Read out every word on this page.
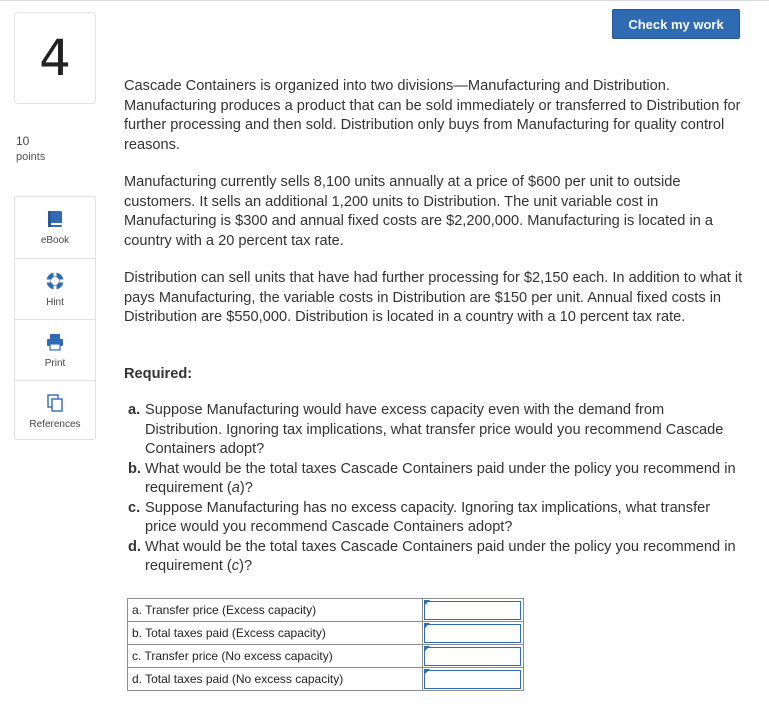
Check my work
4
10
points
eBook
Hint
Print
References

Cascade Containers is organized into two divisions—Manufacturing and Distribution. Manufacturing produces a product that can be sold immediately or transferred to Distribution for further processing and then sold. Distribution only buys from Manufacturing for quality control reasons.

Manufacturing currently sells 8,100 units annually at a price of $600 per unit to outside customers. It sells an additional 1,200 units to Distribution. The unit variable cost in Manufacturing is $300 and annual fixed costs are $2,200,000. Manufacturing is located in a country with a 20 percent tax rate.

Distribution can sell units that have had further processing for $2,150 each. In addition to what it pays Manufacturing, the variable costs in Distribution are $150 per unit. Annual fixed costs in Distribution are $550,000. Distribution is located in a country with a 10 percent tax rate.

Required:
a. Suppose Manufacturing would have excess capacity even with the demand from Distribution. Ignoring tax implications, what transfer price would you recommend Cascade Containers adopt?
b. What would be the total taxes Cascade Containers paid under the policy you recommend in requirement (a)?
c. Suppose Manufacturing has no excess capacity. Ignoring tax implications, what transfer price would you recommend Cascade Containers adopt?
d. What would be the total taxes Cascade Containers paid under the policy you recommend in requirement (c)?
a. Transfer price (Excess capacity)	
b. Total taxes paid (Excess capacity)	
c. Transfer price (No excess capacity)	
d. Total taxes paid (No excess capacity)	
